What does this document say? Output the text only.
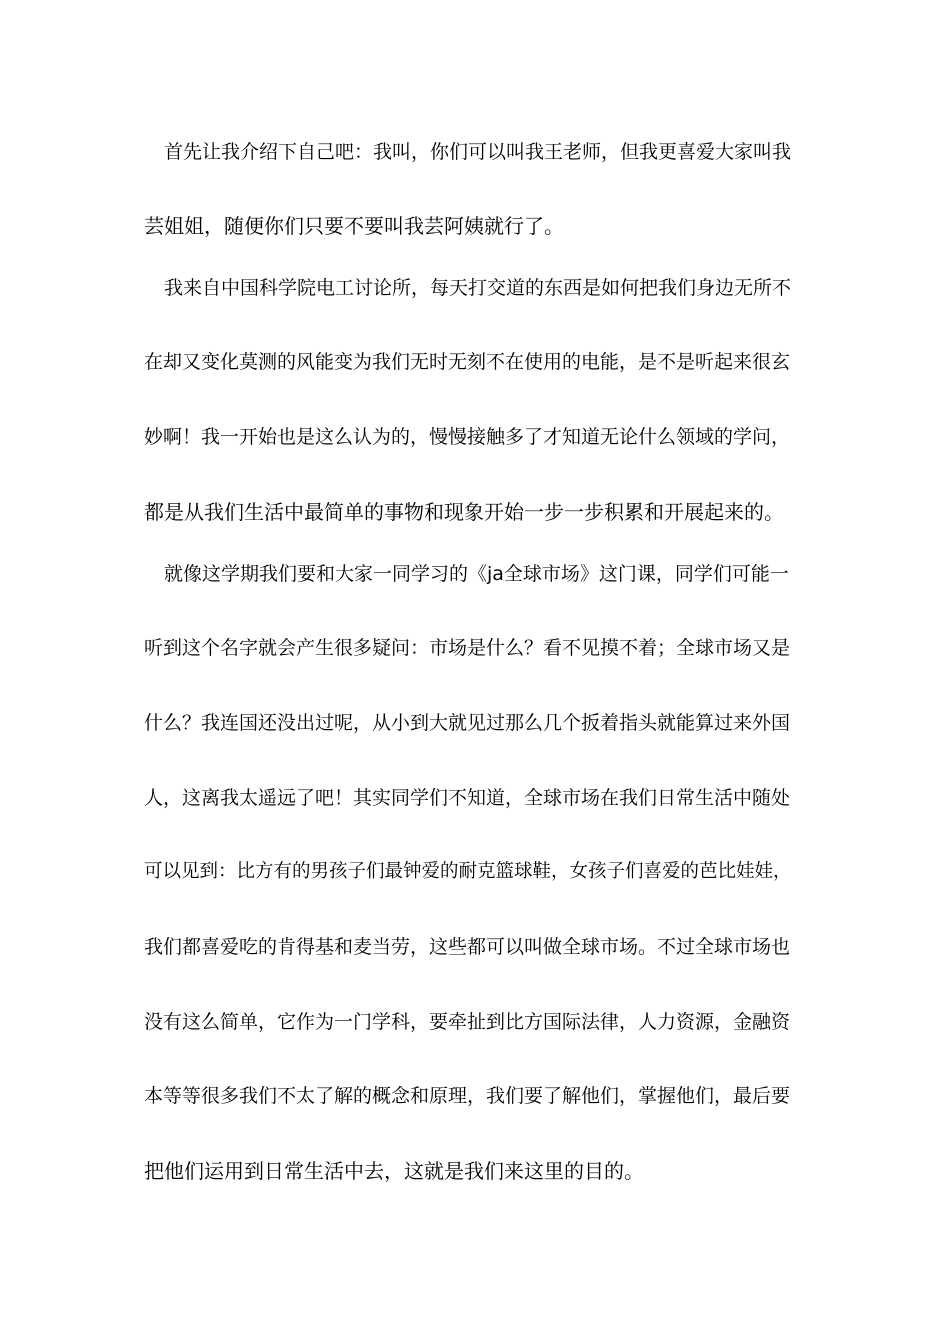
首先让我介绍下自己吧：我叫，你们可以叫我王老师，但我更喜爱大家叫我
芸姐姐，随便你们只要不要叫我芸阿姨就行了。
我来自中国科学院电工讨论所，每天打交道的东西是如何把我们身边无所不
在却又变化莫测的风能变为我们无时无刻不在使用的电能，是不是听起来很玄
妙啊！我一开始也是这么认为的，慢慢接触多了才知道无论什么领域的学问，
都是从我们生活中最简单的事物和现象开始一步一步积累和开展起来的。
就像这学期我们要和大家一同学习的《ja全球市场》这门课，同学们可能一
听到这个名字就会产生很多疑问：市场是什么？看不见摸不着；全球市场又是
什么？我连国还没出过呢，从小到大就见过那么几个扳着指头就能算过来外国
人，这离我太遥远了吧！其实同学们不知道，全球市场在我们日常生活中随处
可以见到：比方有的男孩子们最钟爱的耐克篮球鞋，女孩子们喜爱的芭比娃娃，
我们都喜爱吃的肯得基和麦当劳，这些都可以叫做全球市场。不过全球市场也
没有这么简单，它作为一门学科，要牵扯到比方国际法律，人力资源，金融资
本等等很多我们不太了解的概念和原理，我们要了解他们，掌握他们，最后要
把他们运用到日常生活中去，这就是我们来这里的目的。
